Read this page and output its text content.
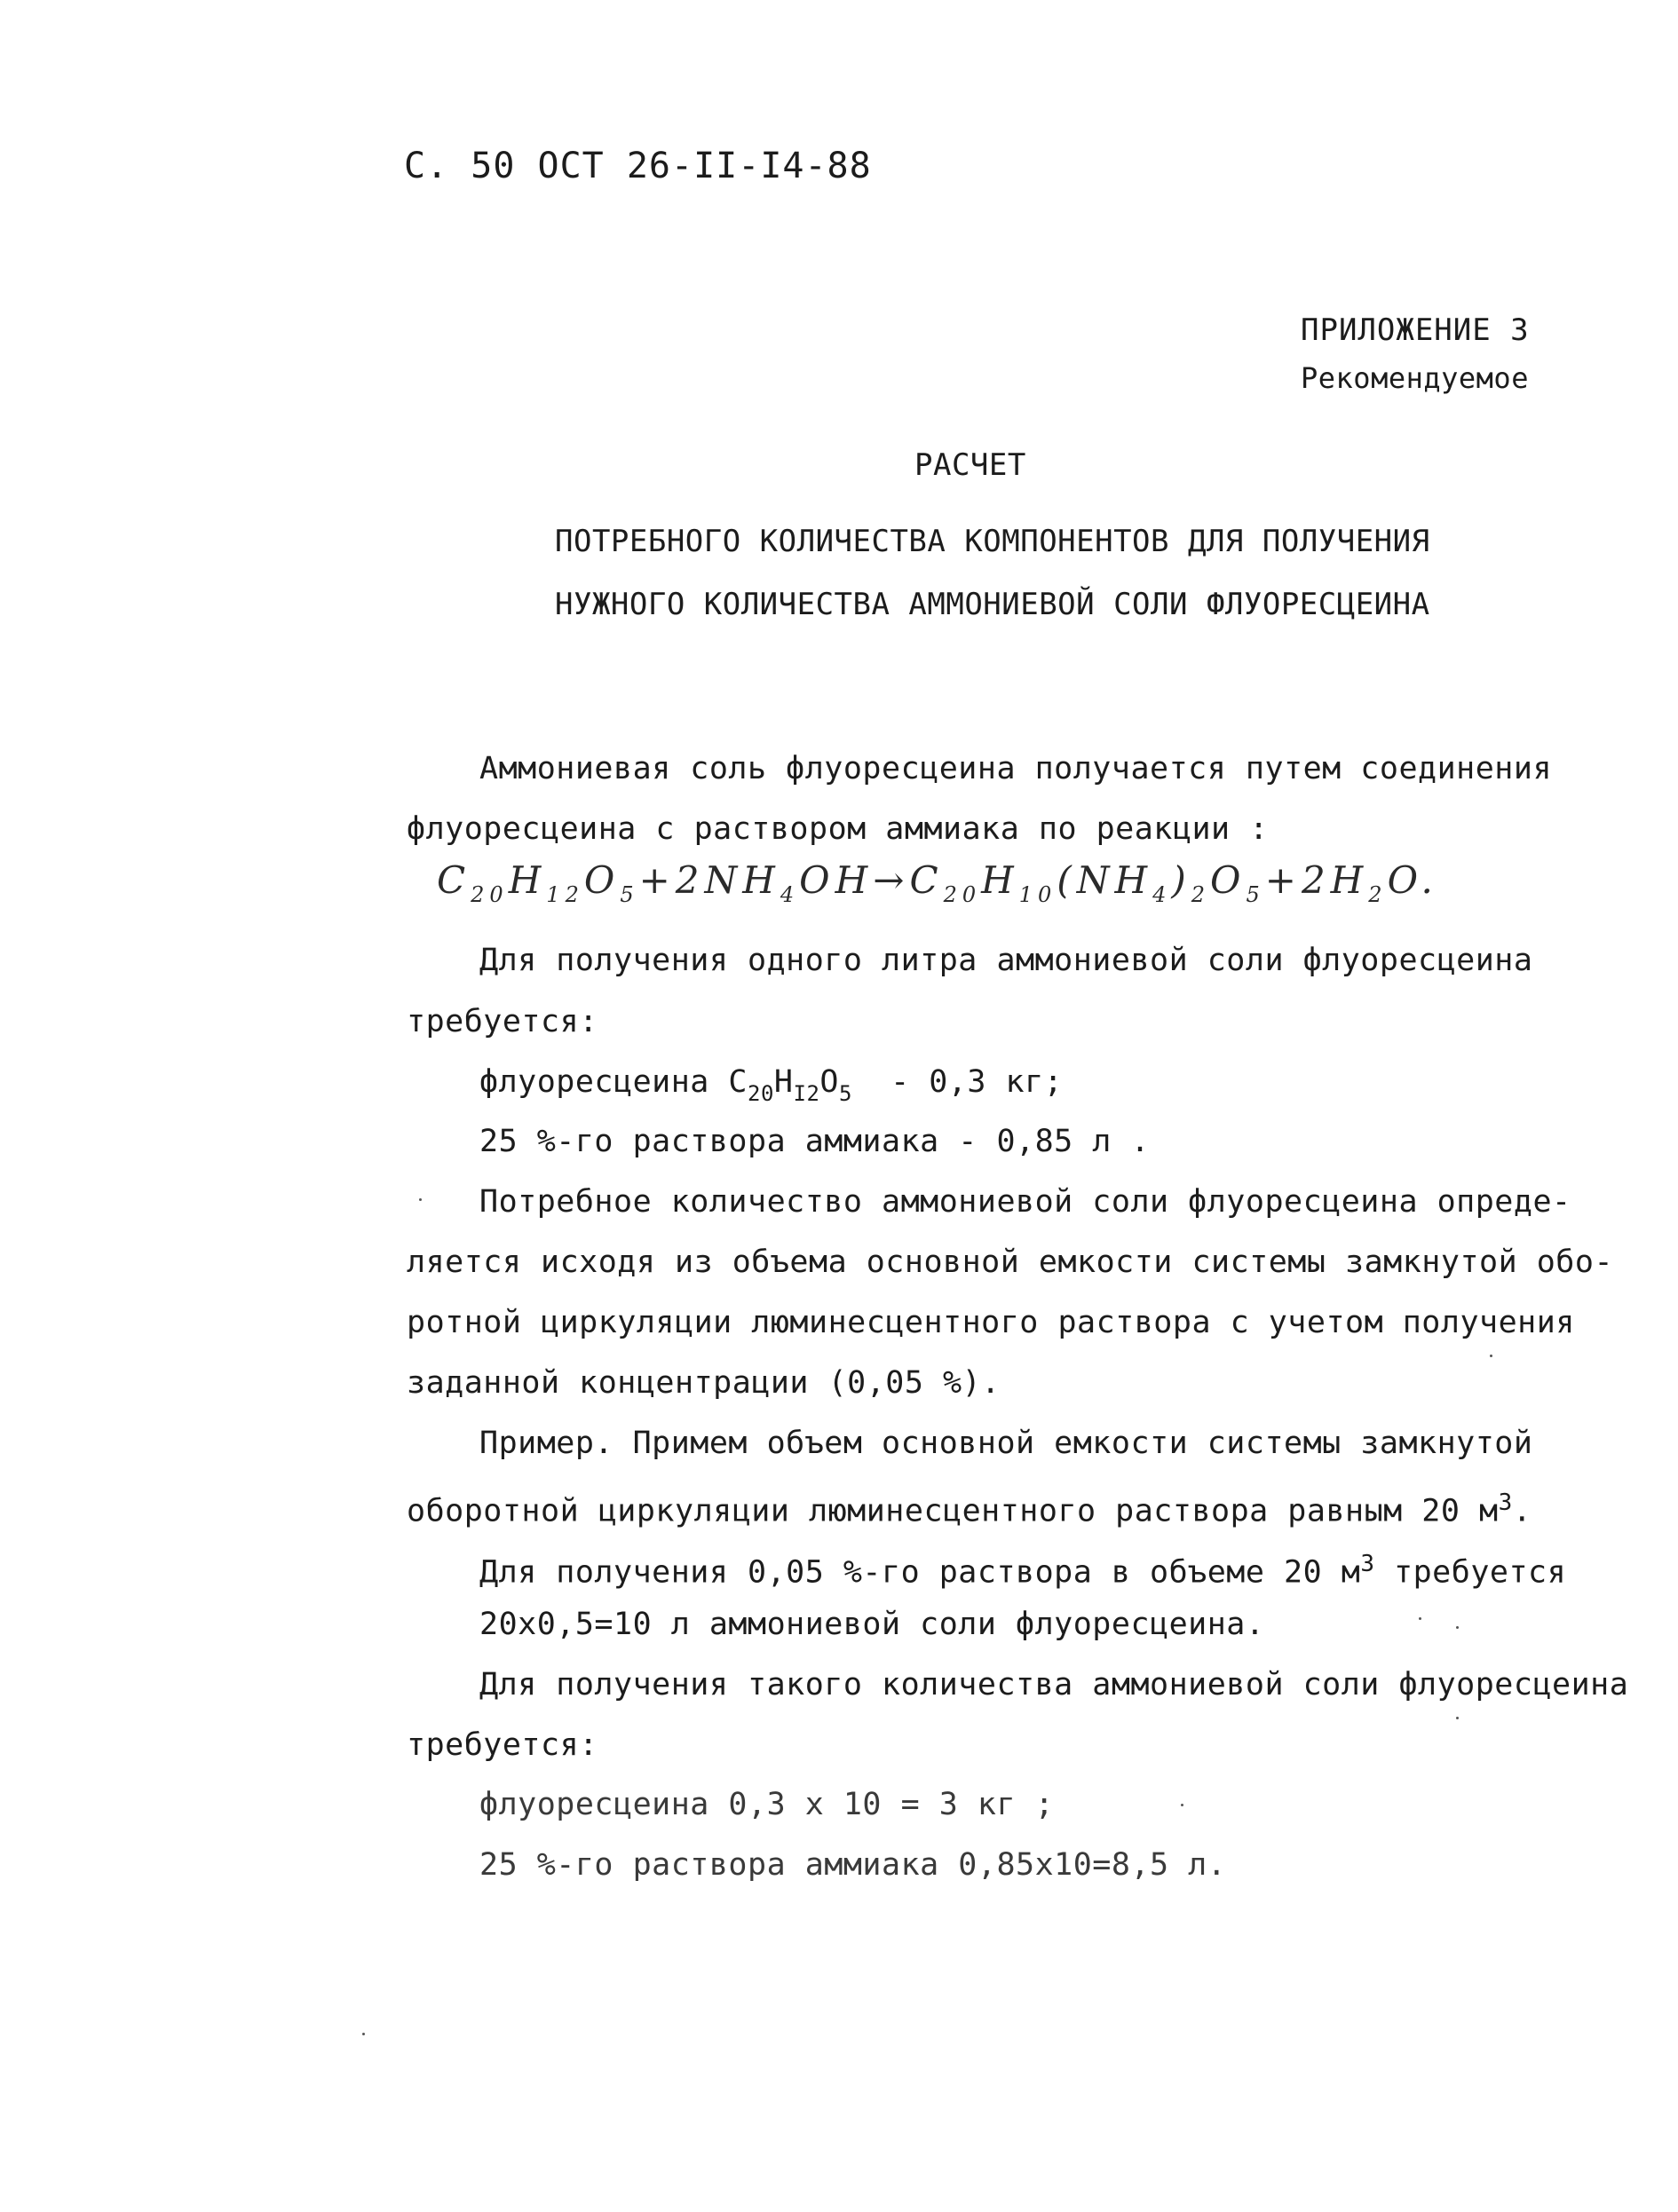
С. 50 ОСТ 26-II-I4-88
ПРИЛОЖЕНИЕ 3
Рекомендуемое
РАСЧЕТ
ПОТРЕБНОГО КОЛИЧЕСТВА КОМПОНЕНТОВ ДЛЯ ПОЛУЧЕНИЯ
НУЖНОГО КОЛИЧЕСТВА АММОНИЕВОЙ СОЛИ ФЛУОРЕСЦЕИНА
Аммониевая соль флуоресцеина получается путем соединения
флуоресцеина с раствором аммиака по реакции :
$C_{20}H_{12}O_5+2NH_4OH\to C_{20}H_{10}(NH_4)_2O_5+2H_2O$.
Для получения одного литра аммониевой соли флуоресцеина
требуется:
флуоресцеина $C_{20}H_{I2}O_5 - 0,3$ кг;
25 %-го раствора аммиака - 0,85 л .
Потребное количество аммониевой соли флуоресцеина опреде-
ляется исходя из объема основной емкости системы замкнутой обо-
ротной циркуляции люминесцентного раствора с учетом получения
заданной концентрации (0,05 %).
Пример. Примем объем основной емкости системы замкнутой
оборотной циркуляции люминесцентного раствора равным 20 $м^3$.
Для получения 0,05 %-го раствора в объеме 20 $м^3$ требуется
20х0,5=10 л аммониевой соли флуоресцеина.
Для получения такого количества аммониевой соли флуоресцеина
требуется:
флуоресцеина 0,3 х 10 = 3 кг ;
25 %-го раствора аммиака 0,85х10=8,5 л.
